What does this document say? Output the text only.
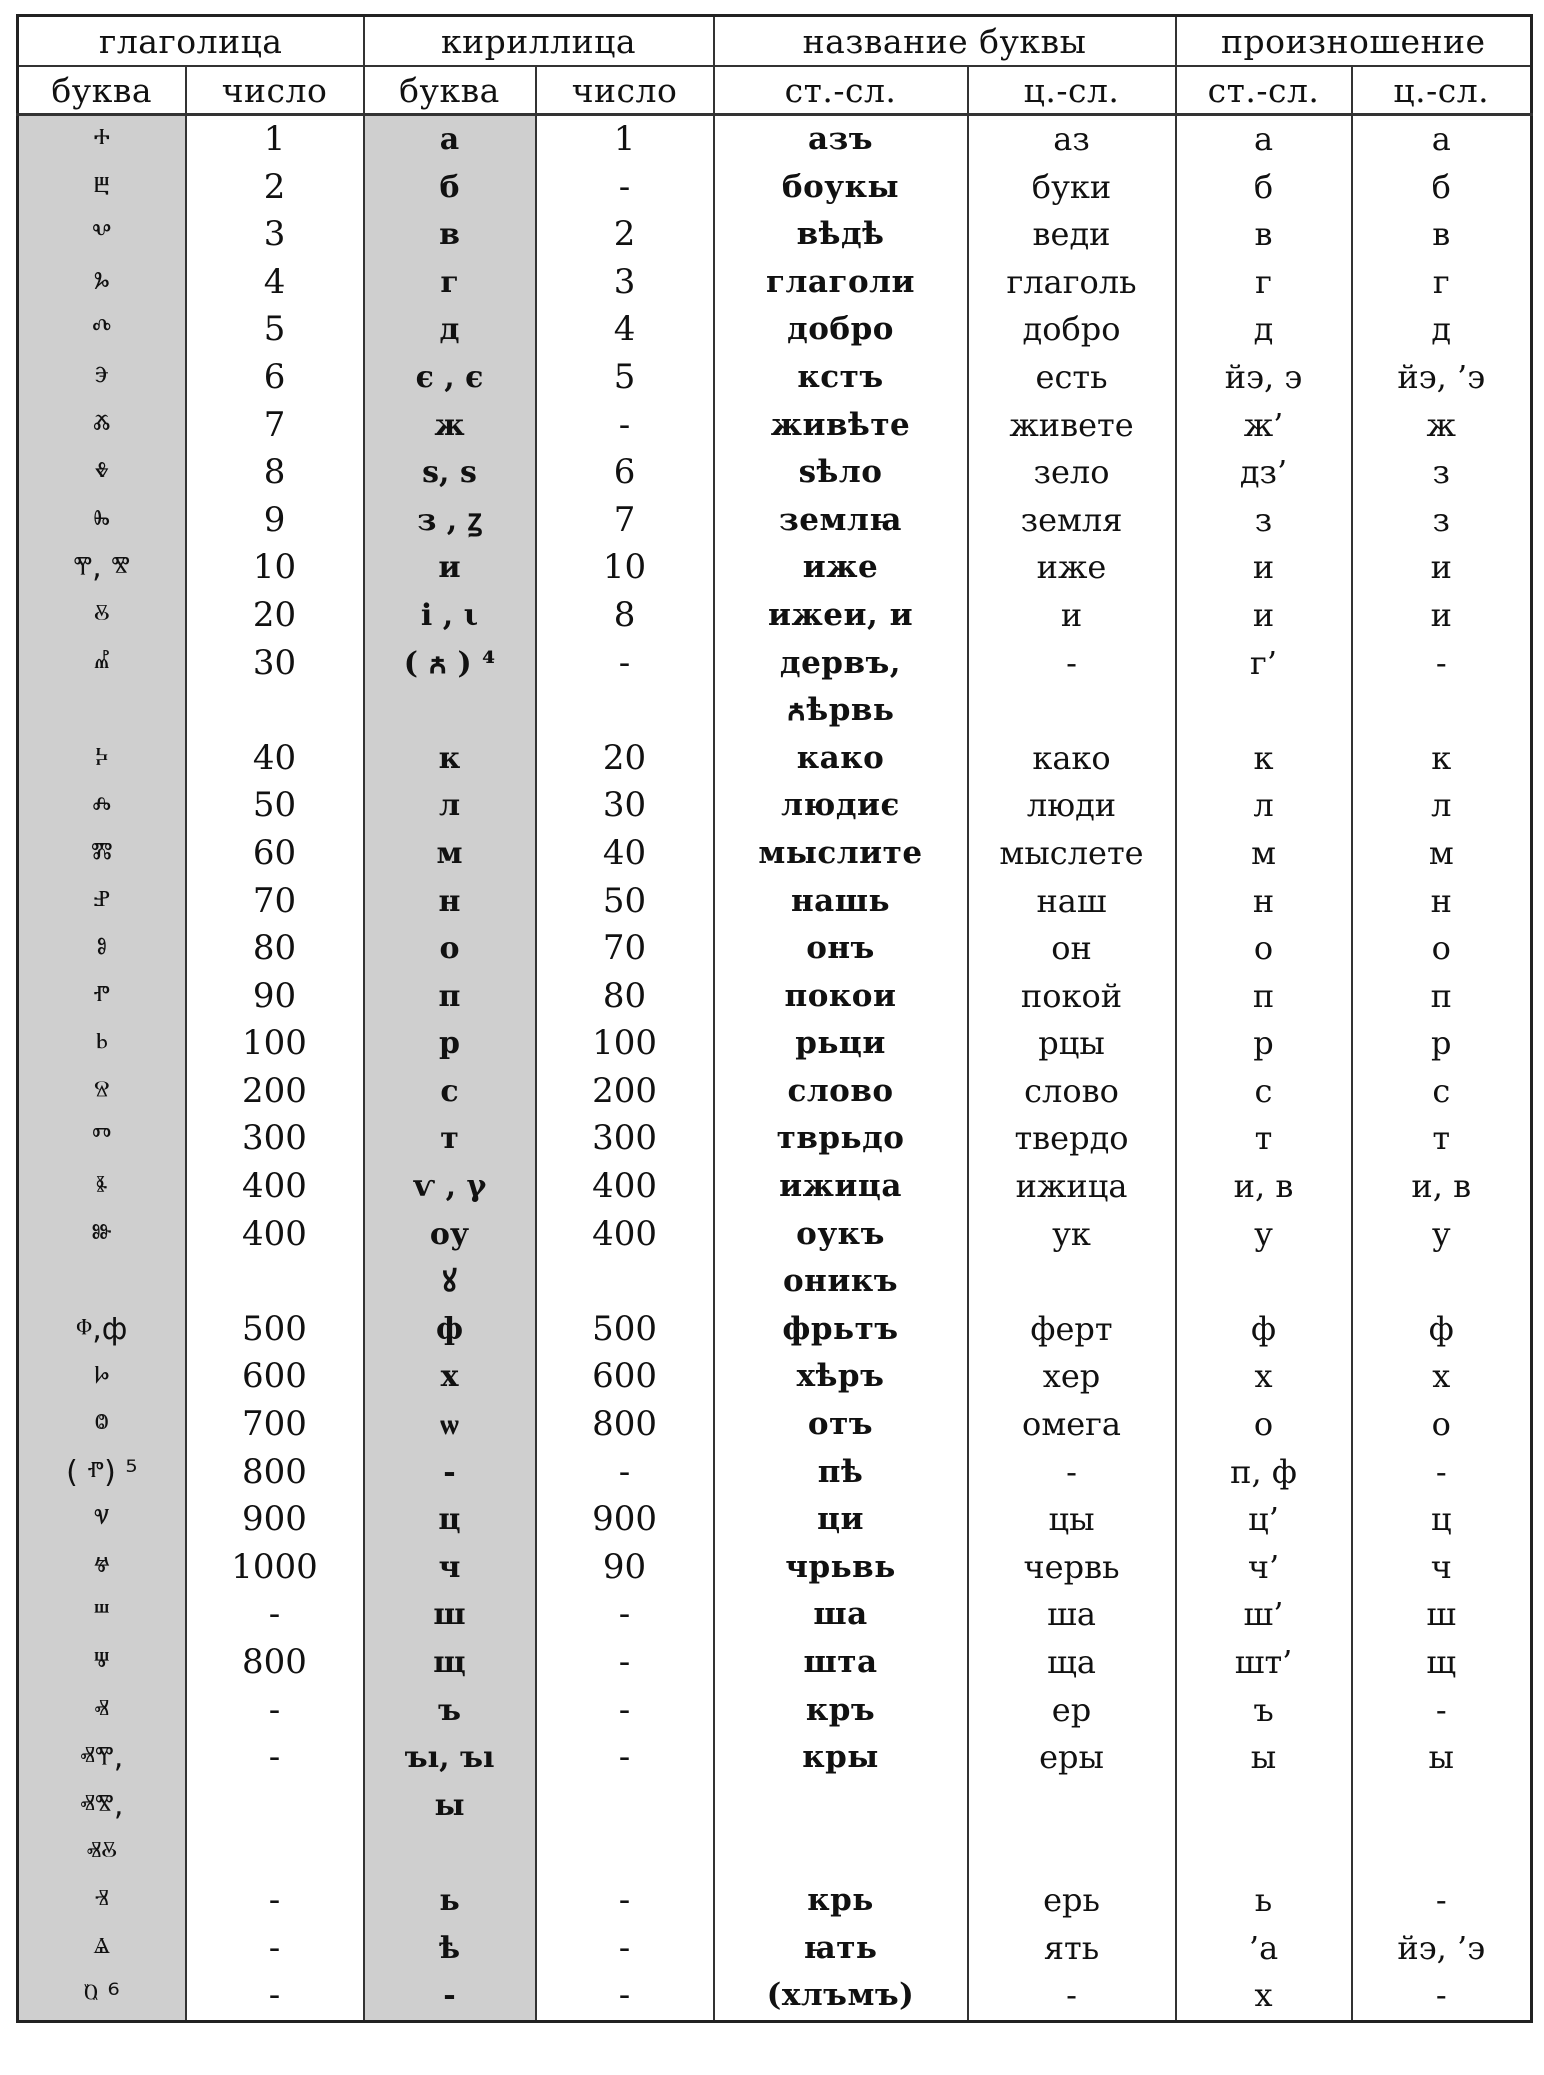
глаголица		кириллица		название буквы		произношение	
буква	число	буква	число	ст.-сл.	ц.-сл.	ст.-сл.	ц.-сл.
ⰰ	1	а	1	азъ	аз	а	а
ⰱ	2	б	-	боукы	буки	б	б
ⰲ	3	в	2	вѣдѣ	веди	в	в
ⰳ	4	г	3	глаголи	глаголь	г	г
ⰴ	5	д	4	добро	добро	д	д
ⰵ	6	є , є	5	кстъ	есть	йэ, э	йэ, ’э
ⰶ	7	ж	-	живѣте	живете	ж’	ж
ⰷ	8	ѕ, ѕ	6	ѕѣло	зело	дз’	з
ⰸ	9	з , ꙁ	7	землꙗ	земля	з	з
ⰹ, ⰺ	10	и	10	иже	иже	и	и
ⰻ	20	і , ι	8	ижеи, и	и	и	и
ⰼ	30	( ꙉ ) ⁴	-	дервъ,	-	г’	-
				ꙉѣрвь			
ⰽ	40	к	20	како	како	к	к
ⰾ	50	л	30	людиє	люди	л	л
ⰿ	60	м	40	мыслите	мыслете	м	м
ⱀ	70	н	50	нашь	наш	н	н
ⱁ	80	о	70	онъ	он	о	о
ⱂ	90	п	80	покои	покой	п	п
ⱃ	100	р	100	рьци	рцы	р	р
ⱄ	200	с	200	слово	слово	с	с
ⱅ	300	т	300	тврьдо	твердо	т	т
ⱛ	400	ѵ , γ	400	ижица	ижица	и, в	и, в
ⱆ	400	оу	400	оукъ	ук	у	у
		ꙋ		оникъ			
ⱇ,ф	500	ф	500	фрьтъ	ферт	ф	ф
ⱈ	600	х	600	хѣръ	хер	х	х
ⱉ	700	ѡ	800	отъ	омега	о	о
( ⱂ) ⁵	800	-	-	пѣ	-	п, ф	-
ⱌ	900	ц	900	ци	цы	ц’	ц
ⱍ	1000	ч	90	чрьвь	червь	ч’	ч
ⱎ	-	ш	-	ша	ша	ш’	ш
ⱋ	800	щ	-	шта	ща	шт’	щ
ⱏ	-	ъ	-	кръ	ер	ъ	-
ⱏⰹ,	-	ъı, ъı	-	кры	еры	ы	ы
ⱏⰺ,		ы					
ⱏⰻ							
ⱐ	-	ь	-	крь	ерь	ь	-
ⱑ	-	ѣ	-	ꙗть	ять	’а	йэ, ’э
ⱒ ⁶	-	-	-	(хлъмъ)	-	х	-
